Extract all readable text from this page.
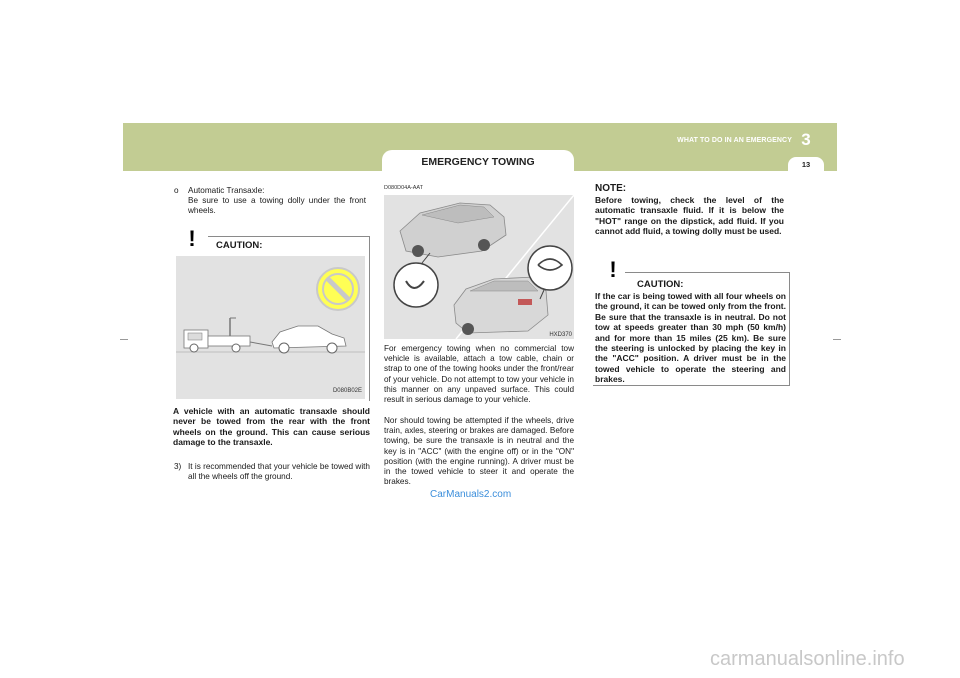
EMERGENCY TOWING
WHAT TO DO IN AN EMERGENCY 3
13
o	Automatic Transaxle:
Be sure to use a towing dolly under the front wheels.
!	CAUTION:
D080B02E
A vehicle with an automatic transaxle should never be towed from the rear with the front wheels on the ground. This can cause serious damage to the transaxle.
3) It is recommended that your vehicle be towed with all the wheels off the ground.
D080D04A-AAT
HXD370
For emergency towing when no commercial tow vehicle is available, attach a tow cable, chain or strap to one of the towing hooks under the front/rear of your vehicle. Do not attempt to tow your vehicle in this manner on any unpaved surface. This could result in serious damage to your vehicle.
Nor should towing be attempted if the wheels, drive train, axles, steering or brakes are damaged. Before towing, be sure the transaxle is in neutral and the key is in "ACC" (with the engine off) or in the "ON" position (with the engine running). A driver must be in the towed vehicle to steer it and operate the brakes.
CarManuals2.com
NOTE:
Before towing, check the level of the automatic transaxle fluid. If it is below the "HOT" range on the dipstick, add fluid. If you cannot add fluid, a towing dolly must be used.
!
CAUTION:
If the car is being towed with all four wheels on the ground, it can be towed only from the front. Be sure that the transaxle is in neutral. Do not tow at speeds greater than 30 mph (50 km/h) and for more than 15 miles (25 km). Be sure the steering is unlocked by placing the key in the "ACC" position. A driver must be in the towed vehicle to operate the steering and brakes.
carmanualsonline.info
